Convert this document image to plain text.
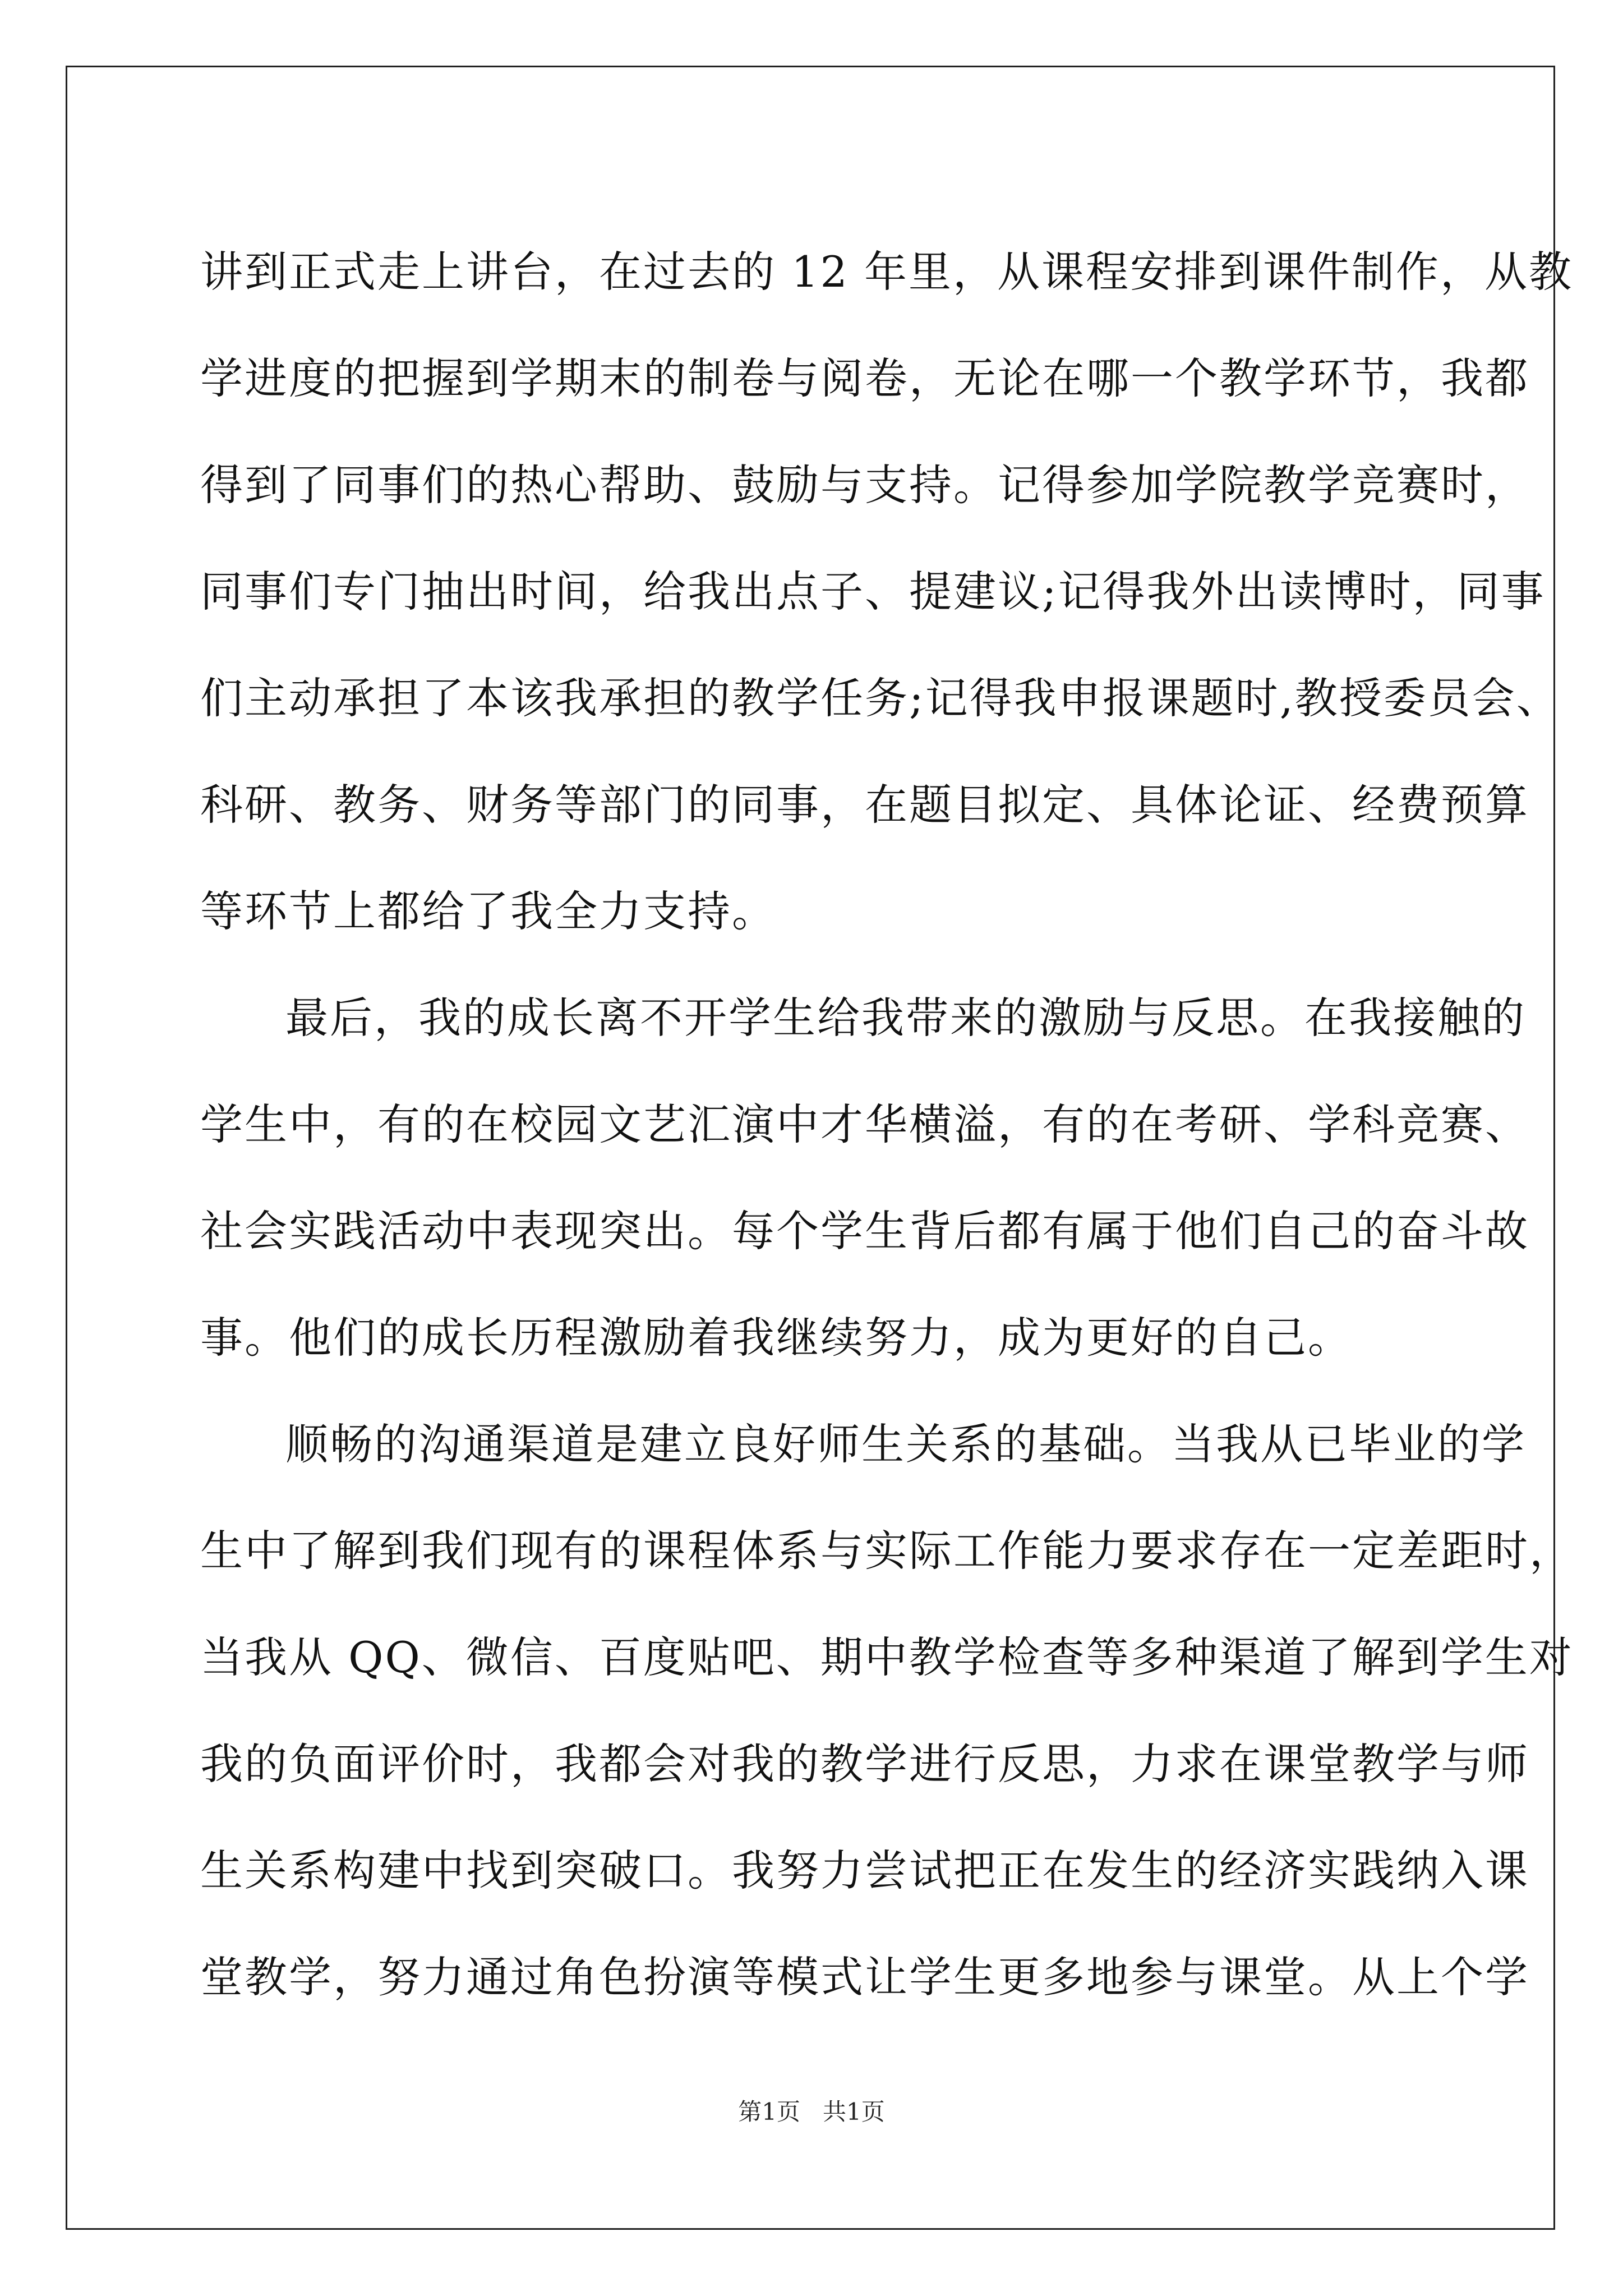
讲到正式走上讲台，在过去的 12 年里，从课程安排到课件制作，从教
学进度的把握到学期末的制卷与阅卷，无论在哪一个教学环节，我都
得到了同事们的热心帮助、鼓励与支持。记得参加学院教学竞赛时，
同事们专门抽出时间，给我出点子、提建议;记得我外出读博时，同事
们主动承担了本该我承担的教学任务;记得我申报课题时,教授委员会、
科研、教务、财务等部门的同事，在题目拟定、具体论证、经费预算
等环节上都给了我全力支持。

最后，我的成长离不开学生给我带来的激励与反思。在我接触的
学生中，有的在校园文艺汇演中才华横溢，有的在考研、学科竞赛、
社会实践活动中表现突出。每个学生背后都有属于他们自己的奋斗故
事。他们的成长历程激励着我继续努力，成为更好的自己。

顺畅的沟通渠道是建立良好师生关系的基础。当我从已毕业的学
生中了解到我们现有的课程体系与实际工作能力要求存在一定差距时，
当我从 QQ、微信、百度贴吧、期中教学检查等多种渠道了解到学生对
我的负面评价时，我都会对我的教学进行反思，力求在课堂教学与师
生关系构建中找到突破口。我努力尝试把正在发生的经济实践纳入课
堂教学，努力通过角色扮演等模式让学生更多地参与课堂。从上个学

第1页   共1页
